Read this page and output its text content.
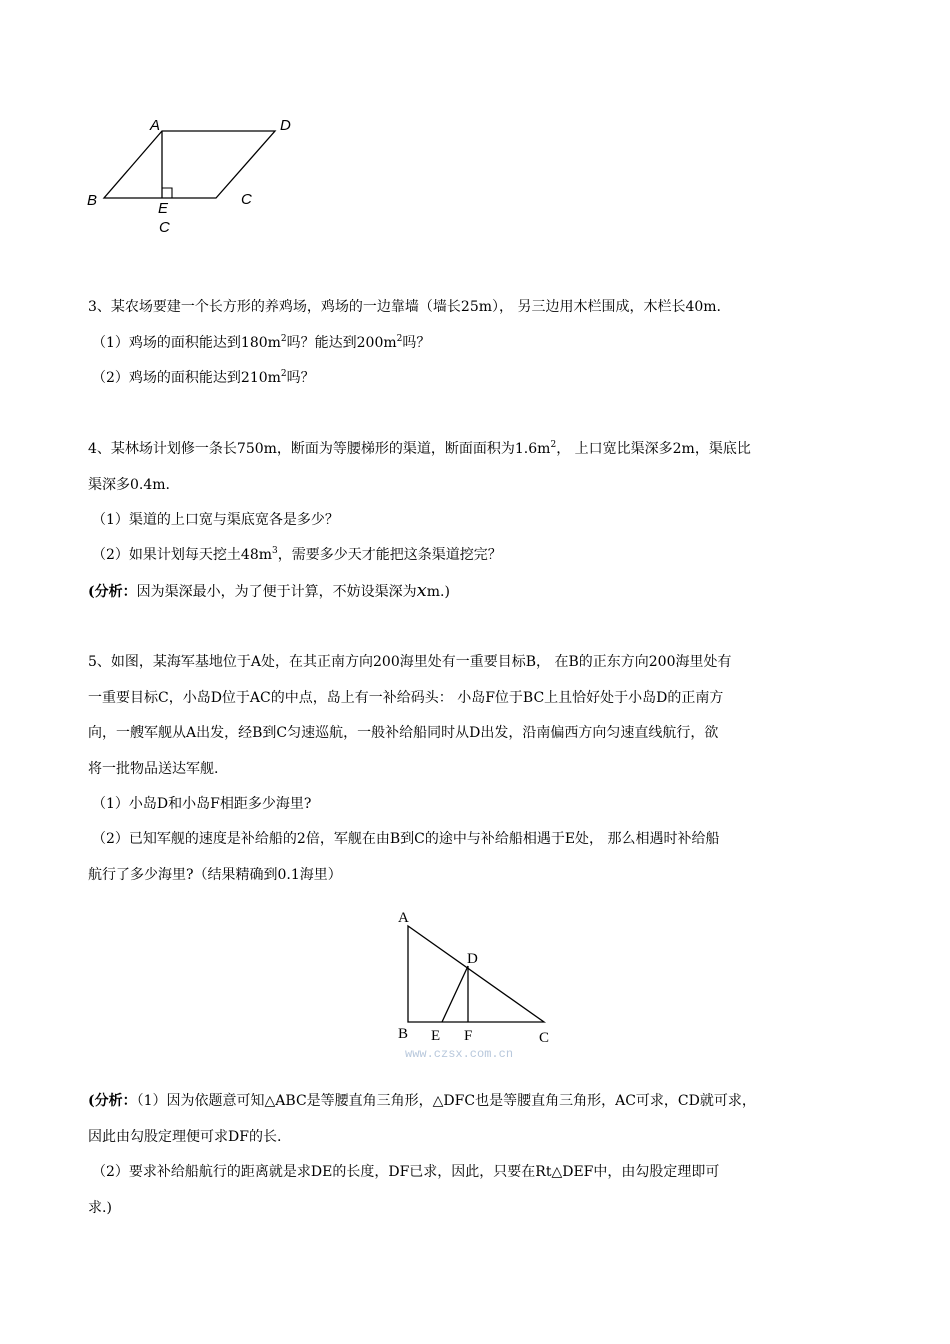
A	D
B	E
C
C
3、某农场要建一个长方形的养鸡场，鸡场的一边靠墙（墙长25m）， 另三边用木栏围成，木栏长40m.
（1）鸡场的面积能达到$180m^2$吗？能达到$200m^2$吗？
（2）鸡场的面积能达到$210m^2$吗？
4、某林场计划修一条长750m，断面为等腰梯形的渠道，断面面积为$1.6m^2$， 上口宽比渠深多2m，渠底比
渠深多0.4m.
（1）渠道的上口宽与渠底宽各是多少？
（2）如果计划每天挖土$48m^3$，需要多少天才能把这条渠道挖完？
(分析：因为渠深最小，为了便于计算，不妨设渠深为xm.)
5、如图，某海军基地位于A处，在其正南方向200海里处有一重要目标B， 在B的正东方向200海里处有
一重要目标C，小岛D位于AC的中点，岛上有一补给码头： 小岛F位于BC上且恰好处于小岛D的正南方
向，一艘军舰从A出发，经B到C匀速巡航，一般补给船同时从D出发，沿南偏西方向匀速直线航行，欲
将一批物品送达军舰.
（1）小岛D和小岛F相距多少海里?
（2）已知军舰的速度是补给船的2倍，军舰在由B到C的途中与补给船相遇于E处， 那么相遇时补给船
航行了多少海里?（结果精确到0.1海里）
A
D
B E F	C
www.czsx.com.cn
(分析：（1）因为依题意可知△ABC是等腰直角三角形，△DFC也是等腰直角三角形，AC可求，CD就可求，
因此由勾股定理便可求DF的长.
（2）要求补给船航行的距离就是求DE的长度，DF已求，因此，只要在Rt△DEF中，由勾股定理即可
求.)
